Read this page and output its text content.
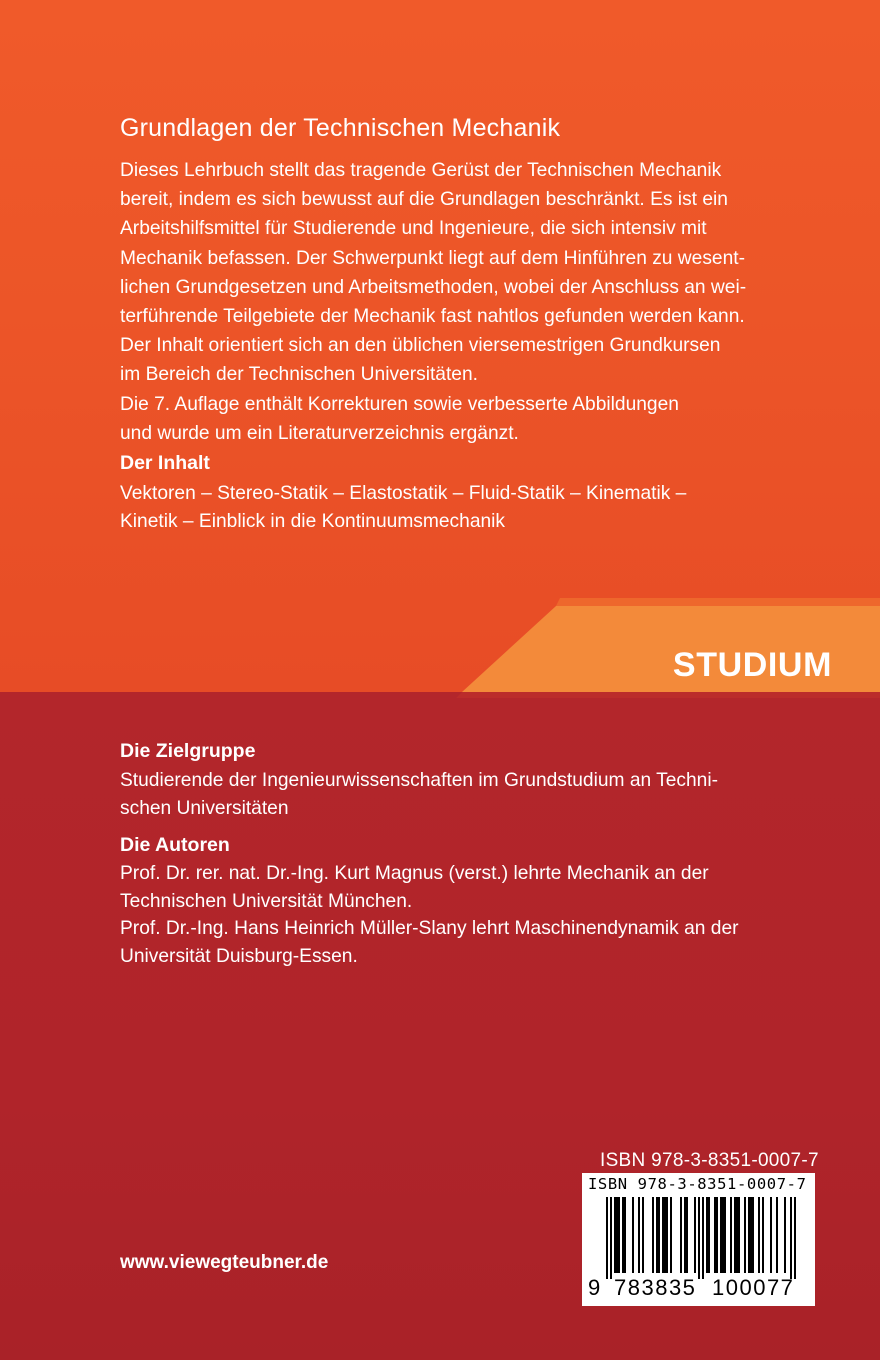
Grundlagen der Technischen Mechanik
Dieses Lehrbuch stellt das tragende Gerüst der Technischen Mechanik
bereit, indem es sich bewusst auf die Grundlagen beschränkt. Es ist ein
Arbeitshilfsmittel für Studierende und Ingenieure, die sich intensiv mit
Mechanik befassen. Der Schwerpunkt liegt auf dem Hinführen zu wesent-
lichen Grundgesetzen und Arbeitsmethoden, wobei der Anschluss an wei-
terführende Teilgebiete der Mechanik fast nahtlos gefunden werden kann.
Der Inhalt orientiert sich an den üblichen viersemestrigen Grundkursen
im Bereich der Technischen Universitäten.
Die 7. Auflage enthält Korrekturen sowie verbesserte Abbildungen
und wurde um ein Literaturverzeichnis ergänzt.
Der Inhalt
Vektoren – Stereo-Statik – Elastostatik – Fluid-Statik – Kinematik –
Kinetik – Einblick in die Kontinuumsmechanik
STUDIUM
Die Zielgruppe
Studierende der Ingenieurwissenschaften im Grundstudium an Techni-
schen Universitäten
Die Autoren
Prof. Dr. rer. nat. Dr.-Ing. Kurt Magnus (verst.) lehrte Mechanik an der
Technischen Universität München.
Prof. Dr.-Ing. Hans Heinrich Müller-Slany lehrt Maschinendynamik an der
Universität Duisburg-Essen.
www.viewegteubner.de
ISBN 978-3-8351-0007-7
ISBN 978-3-8351-0007-7
9 783835 100077
